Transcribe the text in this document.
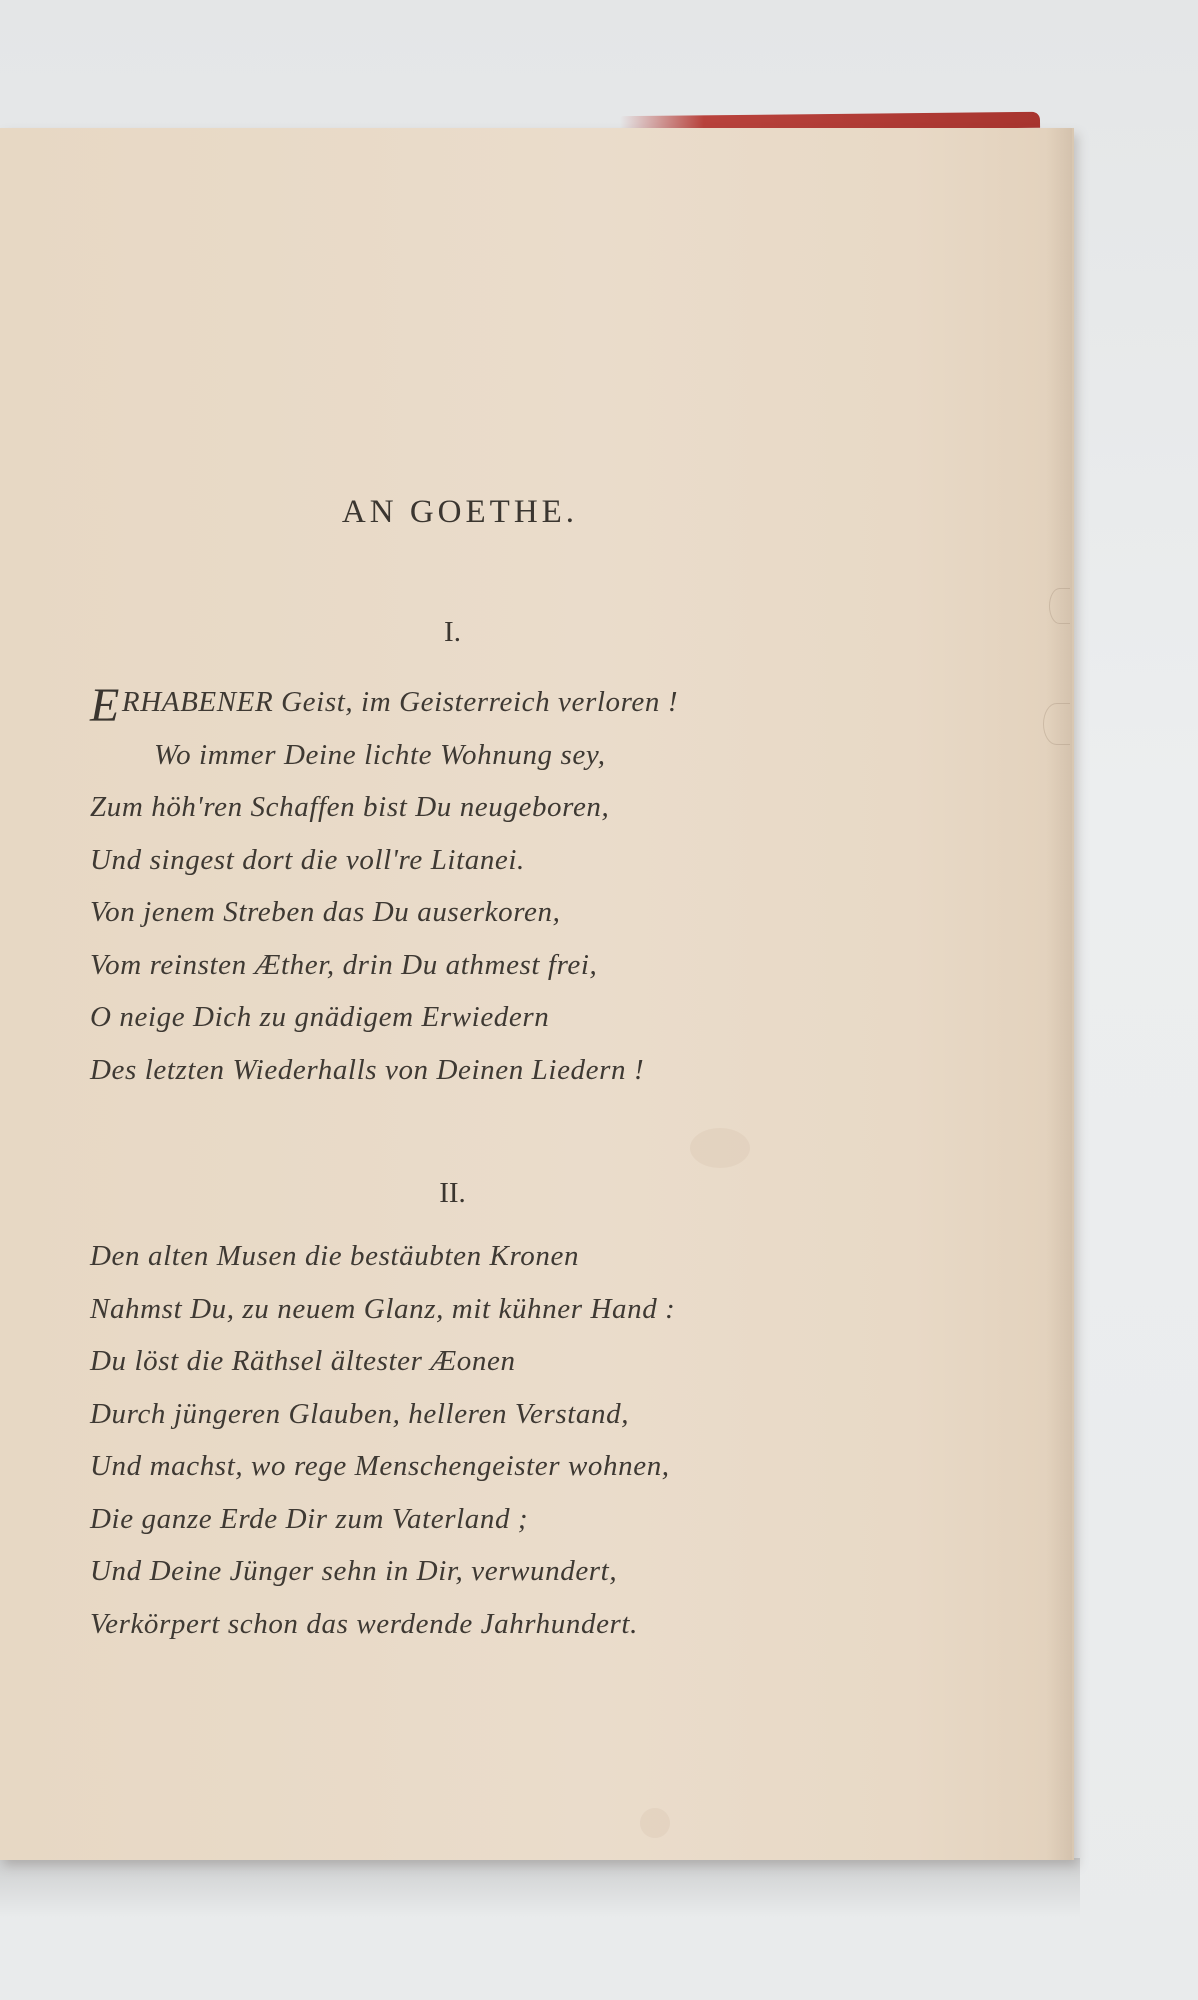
AN GOETHE.
I.
ERHABENER Geist, im Geisterreich verloren !
Wo immer Deine lichte Wohnung sey,
Zum höh'ren Schaffen bist Du neugeboren,
Und singest dort die voll're Litanei.
Von jenem Streben das Du auserkoren,
Vom reinsten Æther, drin Du athmest frei,
O neige Dich zu gnädigem Erwiedern
Des letzten Wiederhalls von Deinen Liedern !
II.
Den alten Musen die bestäubten Kronen
Nahmst Du, zu neuem Glanz, mit kühner Hand :
Du löst die Räthsel ältester Æonen
Durch jüngeren Glauben, helleren Verstand,
Und machst, wo rege Menschengeister wohnen,
Die ganze Erde Dir zum Vaterland ;
Und Deine Jünger sehn in Dir, verwundert,
Verkörpert schon das werdende Jahrhundert.
